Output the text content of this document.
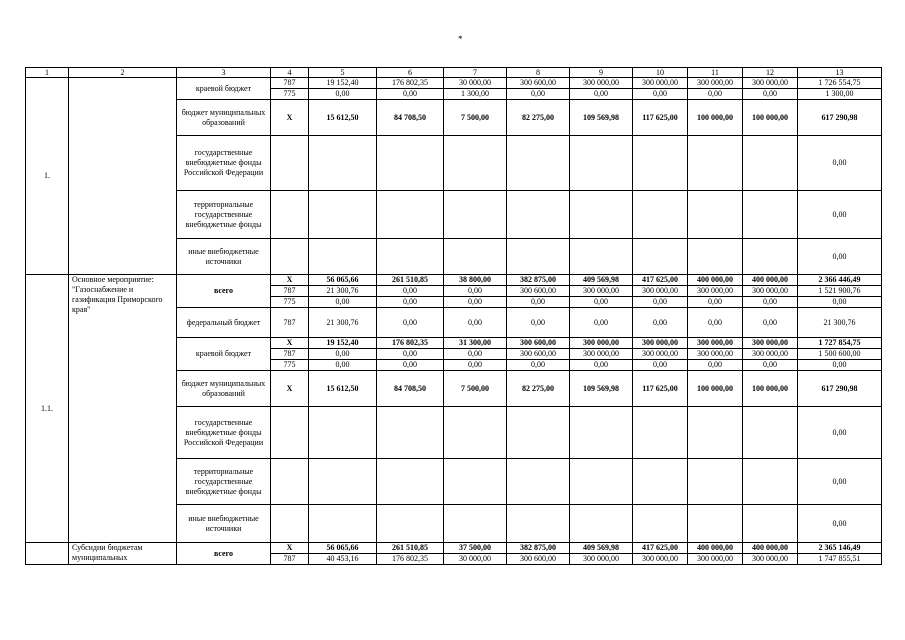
*
1	2	3	4	5	6	7	8	9	10	11	12	13
1.		краевой бюджет	787	19 152,40	176 802,35	30 000,00	300 600,00	300 000,00	300 000,00	300 000,00	300 000,00	1 726 554,75
			775	0,00	0,00	1 300,00	0,00	0,00	0,00	0,00	0,00	1 300,00
		бюджет муниципальных образований	X	15 612,50	84 708,50	7 500,00	82 275,00	109 569,98	117 625,00	100 000,00	100 000,00	617 290,98
		государственные внебюджетные фонды Российской Федерации										0,00
		территориальные государственные внебюджетные фонды										0,00
		иные внебюджетные источники										0,00
1.1.	Основное мероприятие: "Газоснабжение и газификация Приморского края"	всего	X	56 065,66	261 510,85	38 800,00	382 875,00	409 569,98	417 625,00	400 000,00	400 000,00	2 366 446,49
			787	21 300,76	0,00	0,00	300 600,00	300 000,00	300 000,00	300 000,00	300 000,00	1 521 900,76
			775	0,00	0,00	0,00	0,00	0,00	0,00	0,00	0,00	0,00
		федеральный бюджет	787	21 300,76	0,00	0,00	0,00	0,00	0,00	0,00	0,00	21 300,76
		краевой бюджет	X	19 152,40	176 802,35	31 300,00	300 600,00	300 000,00	300 000,00	300 000,00	300 000,00	1 727 854,75
			787	0,00	0,00	0,00	300 600,00	300 000,00	300 000,00	300 000,00	300 000,00	1 500 600,00
			775	0,00	0,00	0,00	0,00	0,00	0,00	0,00	0,00	0,00
		бюджет муниципальных образований	X	15 612,50	84 708,50	7 500,00	82 275,00	109 569,98	117 625,00	100 000,00	100 000,00	617 290,98
		государственные внебюджетные фонды Российской Федерации										0,00
		территориальные государственные внебюджетные фонды										0,00
		иные внебюджетные источники										0,00
	Субсидии бюджетам муниципальных	всего	X	56 065,66	261 510,85	37 500,00	382 875,00	409 569,98	417 625,00	400 000,00	400 000,00	2 365 146,49
			787	40 453,16	176 802,35	30 000,00	300 600,00	300 000,00	300 000,00	300 000,00	300 000,00	1 747 855,51
